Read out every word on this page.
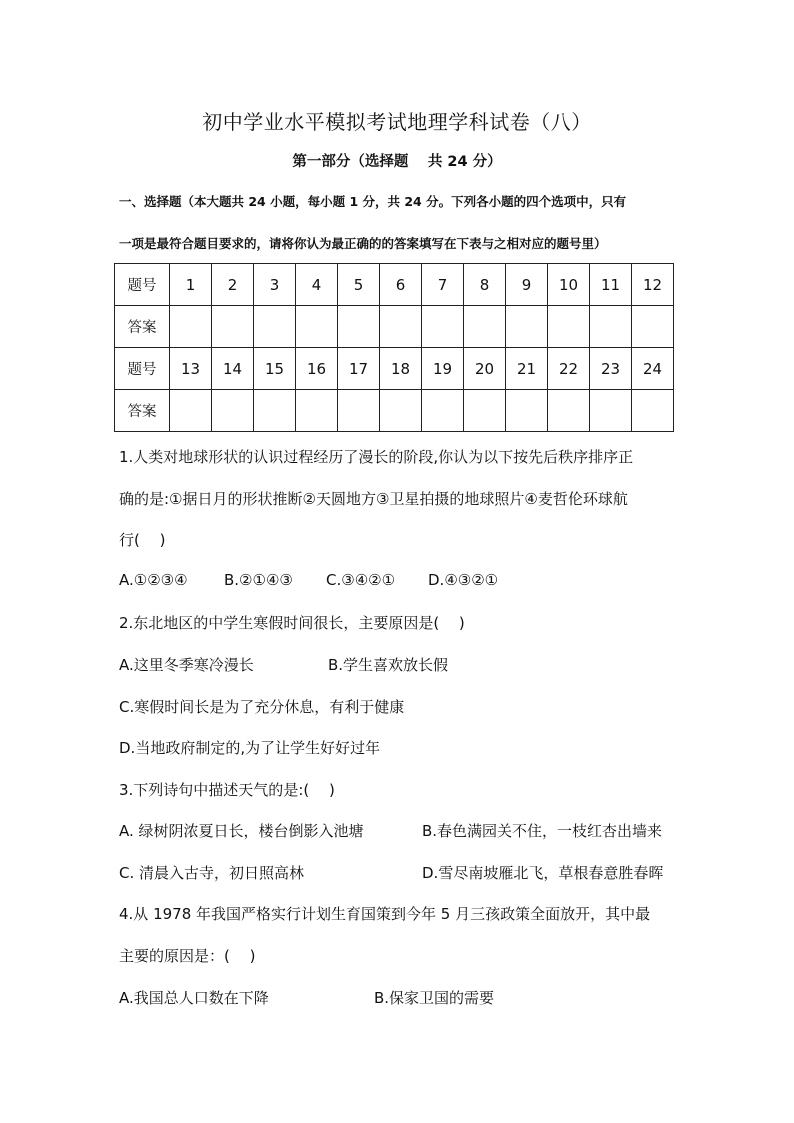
初中学业水平模拟考试地理学科试卷（八）
第一部分（选择题　 共 24 分）
一、选择题（本大题共 24 小题，每小题 1 分，共 24 分。下列各小题的四个选项中，只有
一项是最符合题目要求的，请将你认为最正确的的答案填写在下表与之相对应的题号里）
题号	1	2	3	4	5	6	7	8	9	10	11	12
答案												
题号	13	14	15	16	17	18	19	20	21	22	23	24
答案												
1.人类对地球形状的认识过程经历了漫长的阶段,你认为以下按先后秩序排序正
确的是:①据日月的形状推断②天圆地方③卫星拍摄的地球照片④麦哲伦环球航
行(　 )
A.①②③④ B.②①④③ C.③④②① D.④③②①
2.东北地区的中学生寒假时间很长，主要原因是(　 )
A.这里冬季寒冷漫长	B.学生喜欢放长假
C.寒假时间长是为了充分休息，有利于健康
D.当地政府制定的,为了让学生好好过年
3.下列诗句中描述天气的是:(　 )
A. 绿树阴浓夏日长，楼台倒影入池塘	B.春色满园关不住，一枝红杏出墙来
C. 清晨入古寺，初日照高林	D.雪尽南坡雁北飞，草根春意胜春晖
4.从 1978 年我国严格实行计划生育国策到今年 5 月三孩政策全面放开，其中最
主要的原因是：(　 )
A.我国总人口数在下降	B.保家卫国的需要
